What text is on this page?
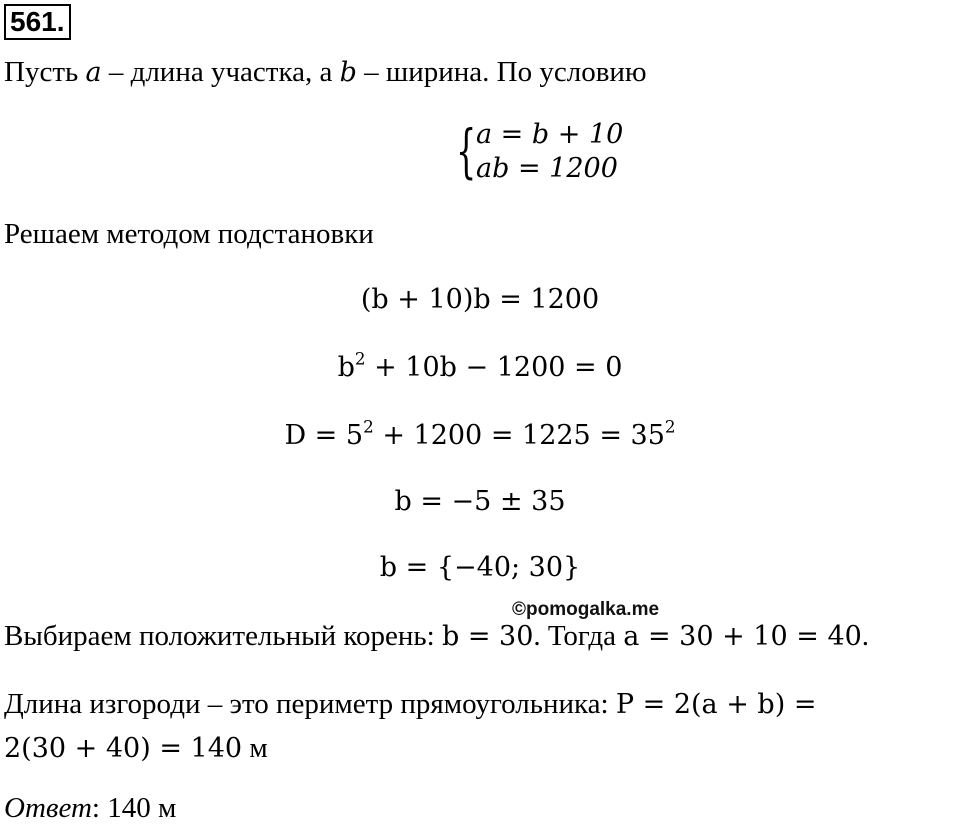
561.
Пусть a – длина участка, а b – ширина. По условию
{ a = b + 10
ab = 1200
Решаем методом подстановки
(b + 10)b = 1200
$b^2 + 10b - 1200 = 0$
$D = 5^2 + 1200 = 1225 = 35^2$
b = −5 ± 35
b = {−40; 30}
©pomogalka.me
Выбираем положительный корень: b = 30. Тогда a = 30 + 10 = 40.
Длина изгороди – это периметр прямоугольника: P = 2(a + b) =
2(30 + 40) = 140 м
Ответ: 140 м
